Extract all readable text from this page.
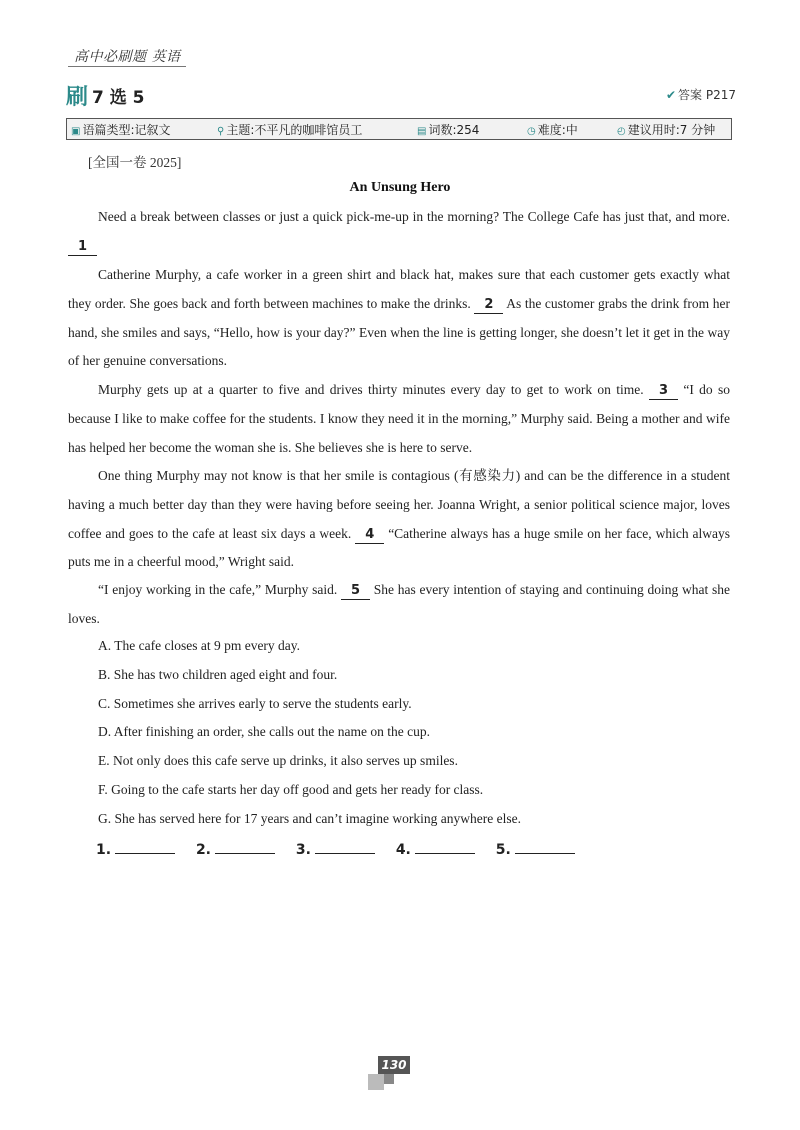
高中必刷题 英语
刷 7 选 5	✔ 答案 P217
▣ 语篇类型:记叙文	⚲ 主题:不平凡的咖啡馆员工	▤ 词数:254	◷ 难度:中	◴ 建议用时:7 分钟
[全国一卷 2025]
An Unsung Hero
Need a break between classes or just a quick pick-me-up in the morning? The College Cafe has just that, and more. 1
Catherine Murphy, a cafe worker in a green shirt and black hat, makes sure that each customer gets exactly what they order. She goes back and forth between machines to make the drinks. 2 As the customer grabs the drink from her hand, she smiles and says, “Hello, how is your day?” Even when the line is getting longer, she doesn’t let it get in the way of her genuine conversations.
Murphy gets up at a quarter to five and drives thirty minutes every day to get to work on time. 3 “I do so because I like to make coffee for the students. I know they need it in the morning,” Murphy said. Being a mother and wife has helped her become the woman she is. She believes she is here to serve.
One thing Murphy may not know is that her smile is contagious (有感染力) and can be the difference in a student having a much better day than they were having before seeing her. Joanna Wright, a senior political science major, loves coffee and goes to the cafe at least six days a week. 4 “Catherine always has a huge smile on her face, which always puts me in a cheerful mood,” Wright said.
“I enjoy working in the cafe,” Murphy said. 5 She has every intention of staying and continuing doing what she loves.
A. The cafe closes at 9 pm every day.
B. She has two children aged eight and four.
C. Sometimes she arrives early to serve the students early.
D. After finishing an order, she calls out the name on the cup.
E. Not only does this cafe serve up drinks, it also serves up smiles.
F. Going to the cafe starts her day off good and gets her ready for class.
G. She has served here for 17 years and can’t imagine working anywhere else.
1.	2.	3.	4.	5.
130
